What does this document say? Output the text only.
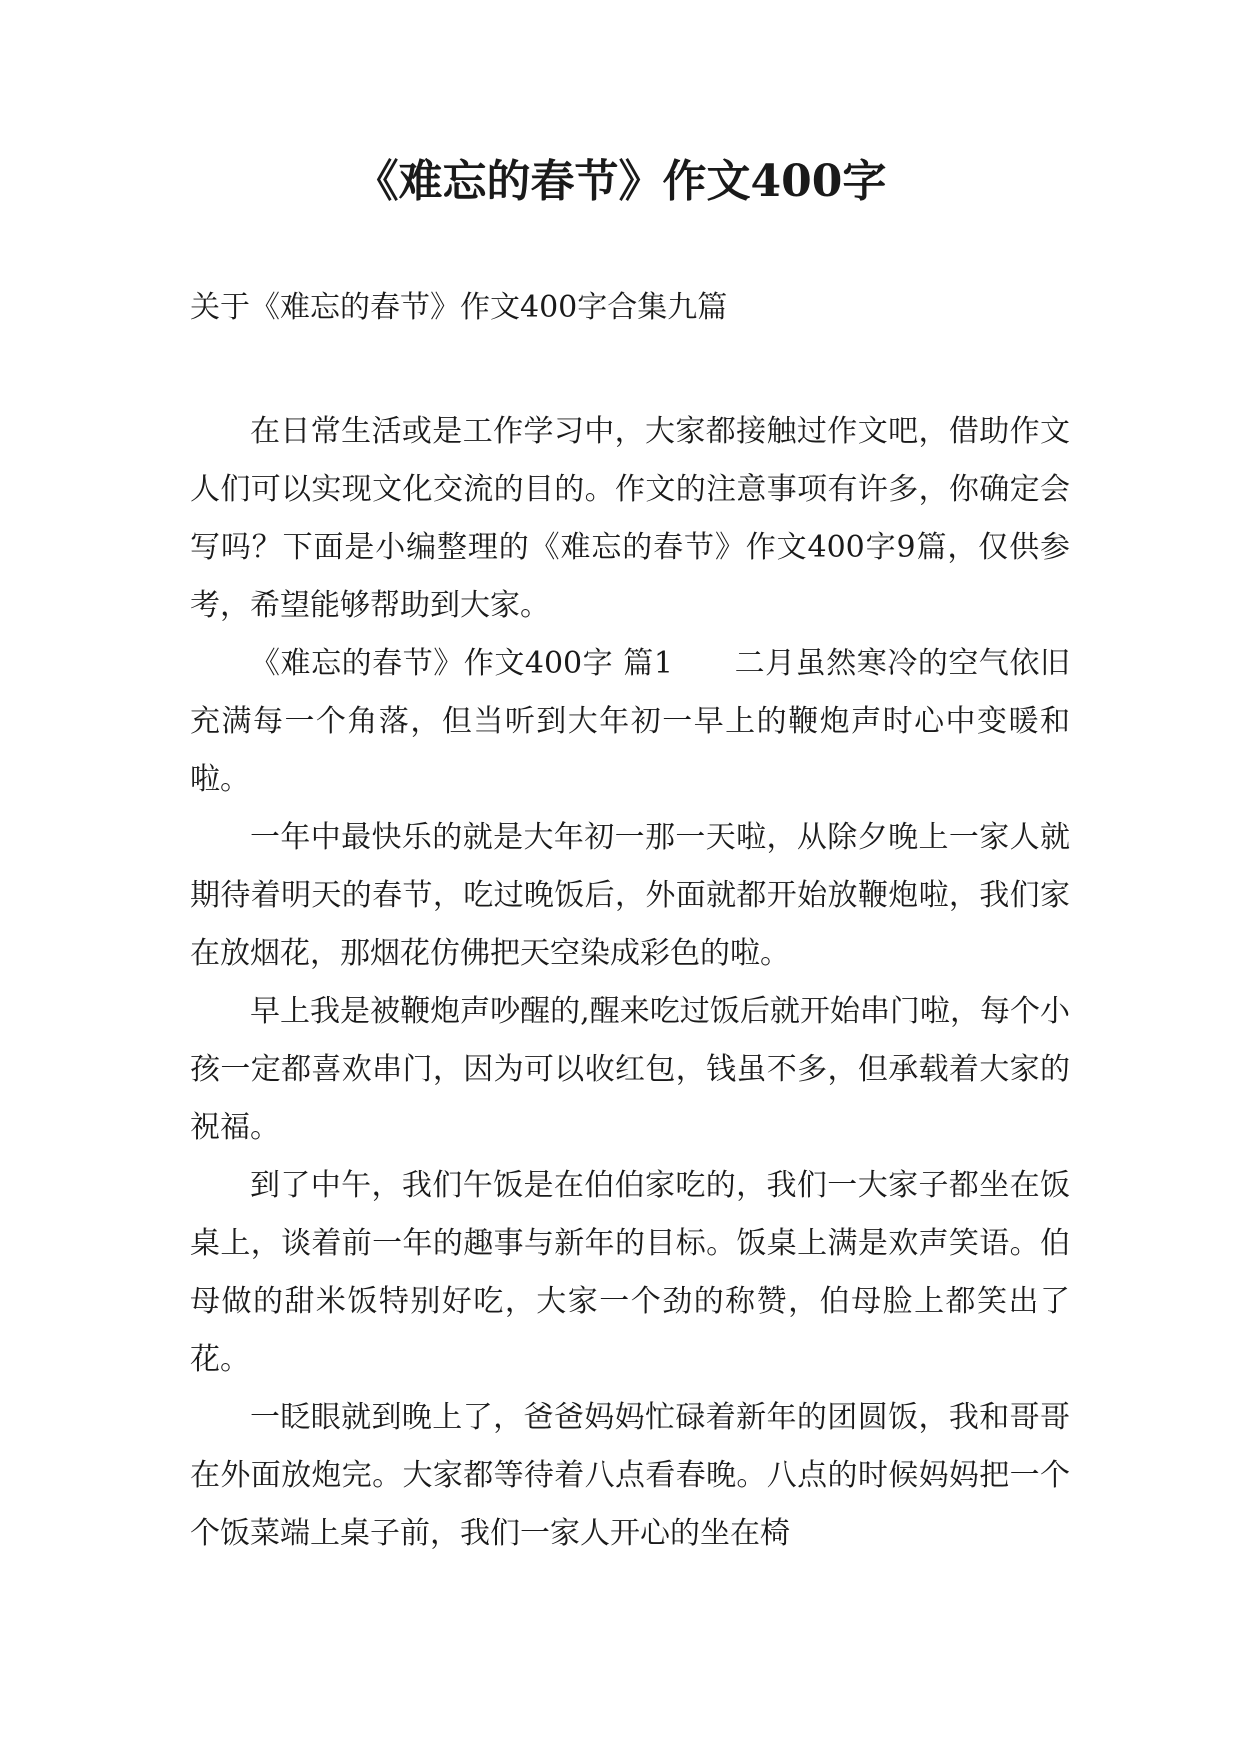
《难忘的春节》作文400字

关于《难忘的春节》作文400字合集九篇

在日常生活或是工作学习中，大家都接触过作文吧，借助作文人们可以实现文化交流的目的。作文的注意事项有许多，你确定会写吗？下面是小编整理的《难忘的春节》作文400字9篇，仅供参考，希望能够帮助到大家。

《难忘的春节》作文400字 篇1　　二月虽然寒冷的空气依旧充满每一个角落，但当听到大年初一早上的鞭炮声时心中变暖和啦。

一年中最快乐的就是大年初一那一天啦，从除夕晚上一家人就期待着明天的春节，吃过晚饭后，外面就都开始放鞭炮啦，我们家在放烟花，那烟花仿佛把天空染成彩色的啦。

早上我是被鞭炮声吵醒的,醒来吃过饭后就开始串门啦，每个小孩一定都喜欢串门，因为可以收红包，钱虽不多，但承载着大家的祝福。

到了中午，我们午饭是在伯伯家吃的，我们一大家子都坐在饭桌上，谈着前一年的趣事与新年的目标。饭桌上满是欢声笑语。伯母做的甜米饭特别好吃，大家一个劲的称赞，伯母脸上都笑出了花。

一眨眼就到晚上了，爸爸妈妈忙碌着新年的团圆饭，我和哥哥在外面放炮完。大家都等待着八点看春晚。八点的时候妈妈把一个个饭菜端上桌子前，我们一家人开心的坐在椅
